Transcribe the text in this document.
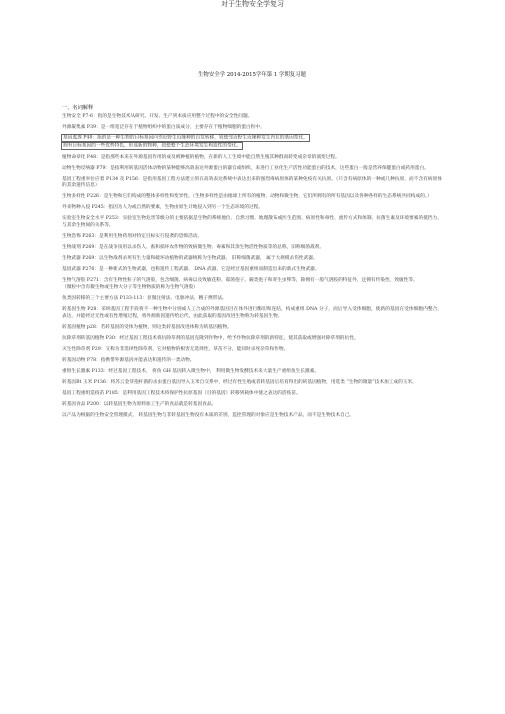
对于生物安全学复习
生物安全学 2014-2015学年第 1 学期复习题
一、名词解释

生物安全 P7-6：指的是生物技术从研究、开发、生产到本质应用整个过程中的安全性问题。

外源凝集素 P39：是一组宽泛存在于植物组织中的蛋白质成分，主要存在于植物细胞的蛋白粒中。

基因逃逸 P48：指的是一种生物的目标基因向邻近野生近缘种的自发转移，致使邻近野生近缘种发生内在的基因变化，

拥有目标基因的一些优势特色，形成新的物种，致使整个生态环境发生构造性的变化。

植物命章化 P48：是指那些本来在外源基因作用的成及被种植的植物，在新的人工生境中能自然生殖其种群而转变成杂章的演变过程。

动物生物反响器 P79：是指利用转基因活体动物的某种能够高效表达外源蛋白的器官或组织，来进行工业化生产活性功能蛋白的技术，这些蛋白一般是营养保健蛋白或药用蛋白。

基因工程重举位应着 P134 及 P156：是指用基因工程方法建立的在高效表达系统中表达出来的强烈毒病原体的某种免疫有关抗原。（只含有病原体的一种或几种抗原，而不含有病原体的其余遗传信息）

生物多样性 P226：是生物和它们构成的整体多样性和变异性。（生物多样性是由地球上所有的植物、动物和微生物，它们所拥有的所有基因以及各种各样的生态系统共同构成的。）

外来物种入侵 P245：指因为人为或自然的要素，生物由原生计地侵入到另一个生态环境的过程。

实验室生物安全水平 P253：实验室生物危害等级分的主要依据是生物的系统地位、自然习惯、地理散布或医生范围、病原性和毒性、流传方式和体制、抗菌生素及环境要素的抵挡力、与其余生物间的关系等。

生物恐怖 P263：是利用生物药剂对特定目标实行侵袭的恐怖活动。

生物战剂 P269：是在战争顶用以杀伤人、畜和损坏农作物的致病微生物、毒素和其余生物活性物质等的总称，旧称细菌战剂。

生物武器 P269：以生物战剂杀死有生力量和破坏动植物的武器统称为生物武器。 旧称细菌武器， 属于大规模杀伤性武器。

基因武器 P276：是一种新式的生物武器，也称遗传工程武器、 DNA 武器，它是经过基因重组而制造出来的新式生物武器。

生物气溶胶 P271：含有生物性粒子的气溶胶，包含细菌、病毒以及致敏花粉、霉菌孢子、蕨类孢子和寄生虫卵等，除拥有一般气溶胶的特征外，还拥有传染性、致敏性等。

（微粒中含有微生物或生物大分子等生物物质的称为生物气溶胶）

鱼类因转移的三个主要方法 P133-113：显微注射法、电脉冲法、精子携带法。

转基因生物 P28：采纳基因工程手段将不一种生物中分别或人工合成的外源基因目在体外进行酶切和连结，构成重组 DNA 分子，而后导入受体细胞，使新的基因在受体细胞内整合、表达，并能经过无性或有性增殖过程，将外源新因遗传给后代，由此获取的基因改进生物称为转基因生物。

转基因植物 p28：若转基因的受体为植物，则这类转基因改进体称为转基因植物。

抗除草剂转基因植物 P30：经过基因工程技术将抗除草剂的基因克隆到作物中，给予作物抗除草剂的新特征，使其获取或增强对除草剂的抗性。

灭生性除草剂 P29：又称为非选择性除草剂，它对植物的根害无选择性，草苗不分，能同时杀死杂草和作物。

转基因动物 P78：指携带外源基因并能表达和遗传的一类动物。

重组生长激素 P133：经过基因工程技术， 将鱼 GH 基因转入微生物中， 利用微生物发酵技术来大量生产重组鱼生长激素。

转基因Bt 玉米 P136：将苏云金芽孢杆菌的杀虫蛋白基因导入玉米自交系中，经过有性生殖或者转基因后培育得出的转基因植物，用选类 “生物的微量”技术加工成的玉米。

基因工程重组造疫苗 P185：是利用基因工程技术将保护性抗原基因（目的基因）转移到载体中使之表达的活疫苗。

转基因食品 P200：以转基因生物为原料加工生产的食品就是转基因食品。

以产品为根据的生物安全管理模式， 转基因生物与非转基因生物没有本质的差别，监控管理的对象应是生物技术产品，而不是生物技术自己。
